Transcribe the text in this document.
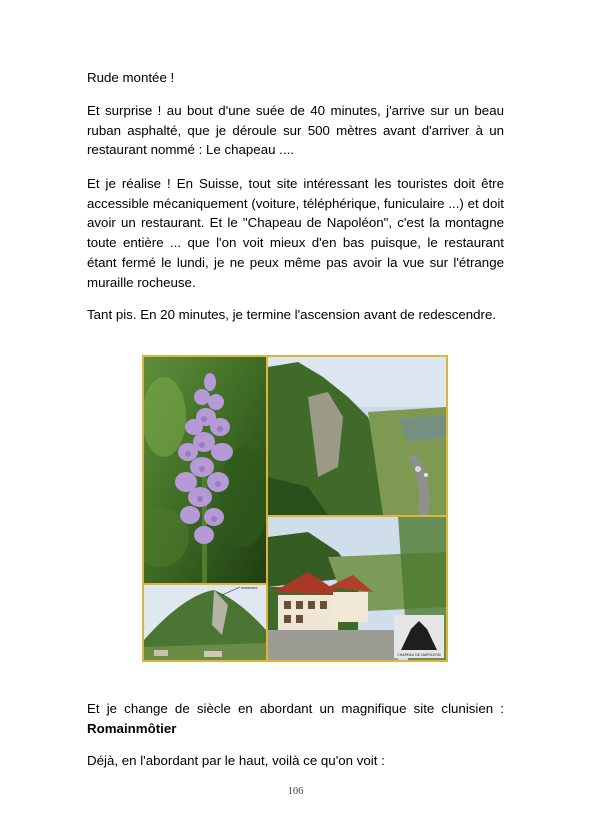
Rude montée !

Et surprise ! au bout d'une suée de 40 minutes, j'arrive sur un beau ruban asphalté, que je déroule sur 500 mètres avant d'arriver à un restaurant nommé : Le chapeau ....

Et je réalise ! En Suisse, tout site intéressant les touristes doit être accessible mécaniquement (voiture, téléphérique, funiculaire ...) et doit avoir un restaurant. Et le "Chapeau de Napoléon", c'est la montagne toute entière ... que l'on voit mieux d'en bas puisque, le restaurant étant fermé le lundi, je ne peux même pas avoir la vue sur l'étrange muraille rocheuse.

Tant pis. En 20 minutes, je termine l'ascension avant de redescendre.

CHAPEAU DE NAPOLEON
restaurant

Et je change de siècle en abordant un magnifique site clunisien : Romainmôtier

Déjà, en l'abordant par le haut, voilà ce qu'on voit :

106
